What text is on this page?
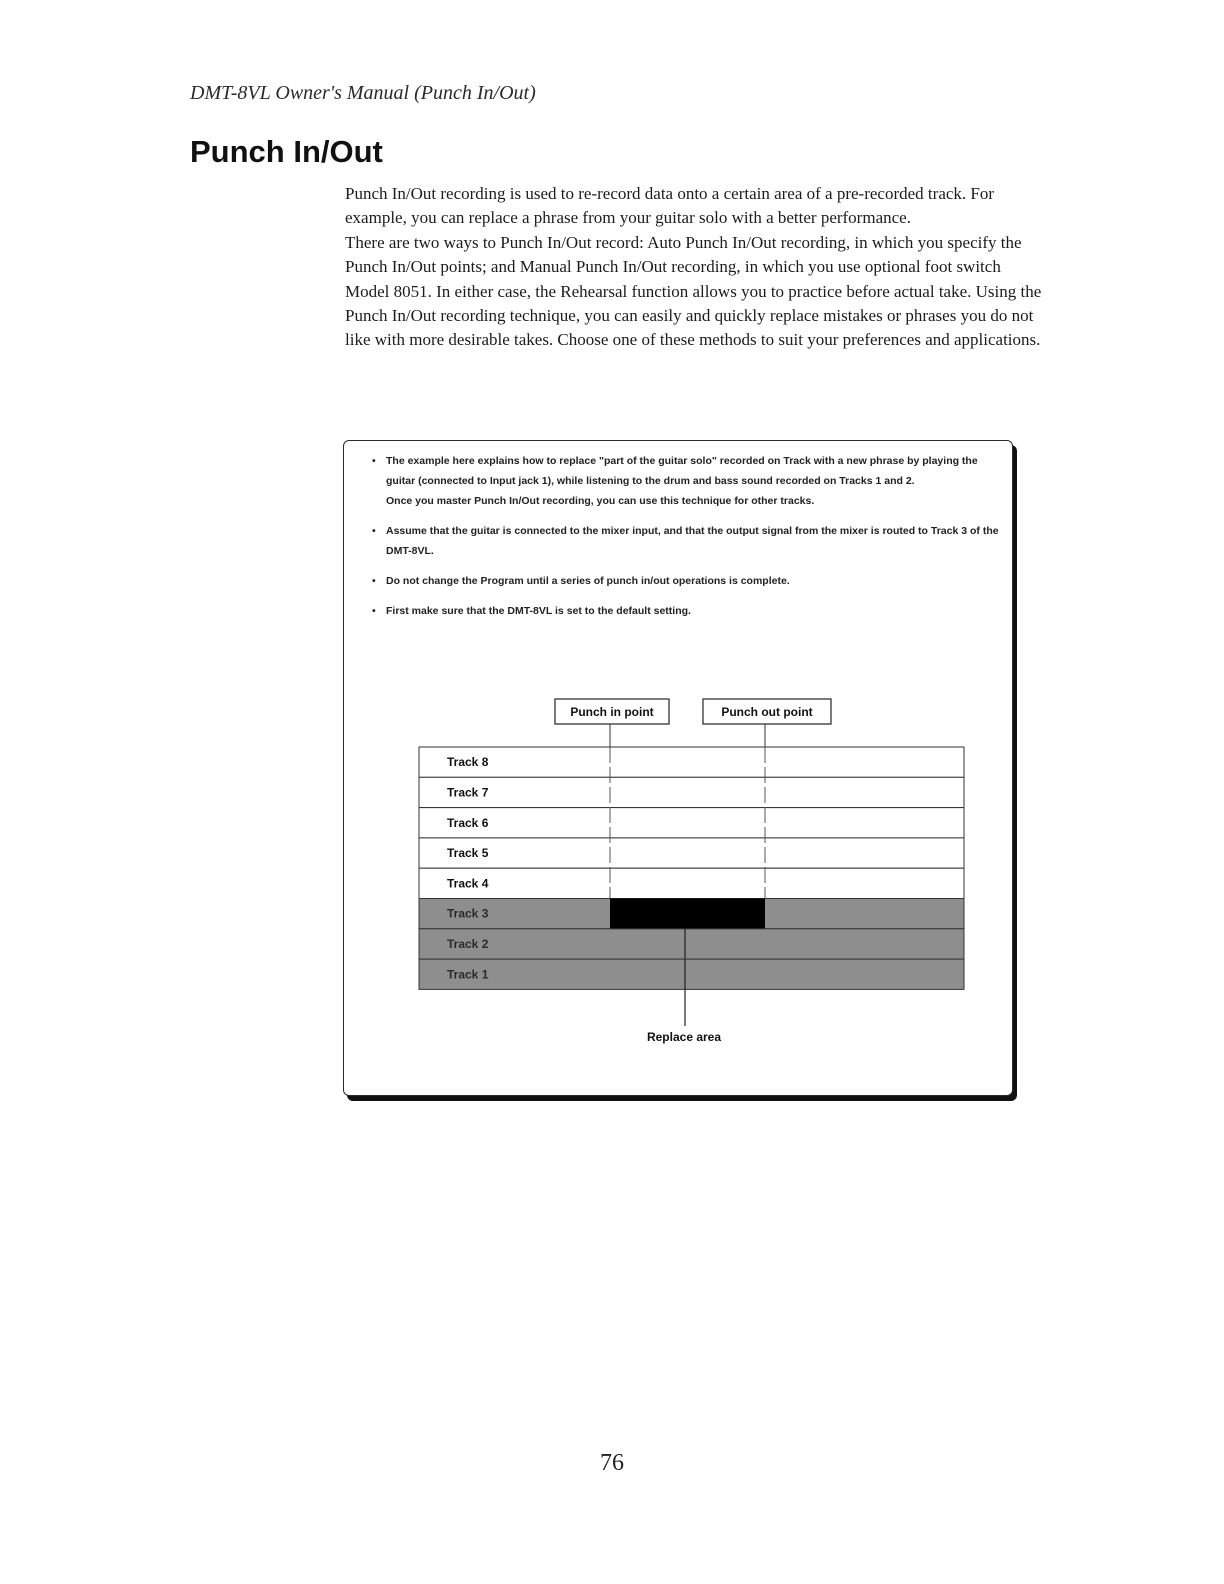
DMT-8VL Owner's Manual (Punch In/Out)
Punch In/Out

Punch In/Out recording is used to re-record data onto a certain area of a pre-recorded track. For example, you can replace a phrase from your guitar solo with a better performance.

There are two ways to Punch In/Out record: Auto Punch In/Out recording, in which you specify the Punch In/Out points; and Manual Punch In/Out recording, in which you use optional foot switch Model 8051. In either case, the Rehearsal function allows you to practice before actual take. Using the Punch In/Out recording technique, you can easily and quickly replace mistakes or phrases you do not like with more desirable takes. Choose one of these methods to suit your preferences and applications.

• The example here explains how to replace "part of the guitar solo" recorded on Track with a new phrase by playing the guitar (connected to Input jack 1), while listening to the drum and bass sound recorded on Tracks 1 and 2.
Once you master Punch In/Out recording, you can use this technique for other tracks.
• Assume that the guitar is connected to the mixer input, and that the output signal from the mixer is routed to Track 3 of the DMT-8VL.
• Do not change the Program until a series of punch in/out operations is complete.
• First make sure that the DMT-8VL is set to the default setting.
Punch in point	Punch out point
Track 8
Track 7
Track 6
Track 5
Track 4
Track 3
Track 2
Track 1
Replace area
76
